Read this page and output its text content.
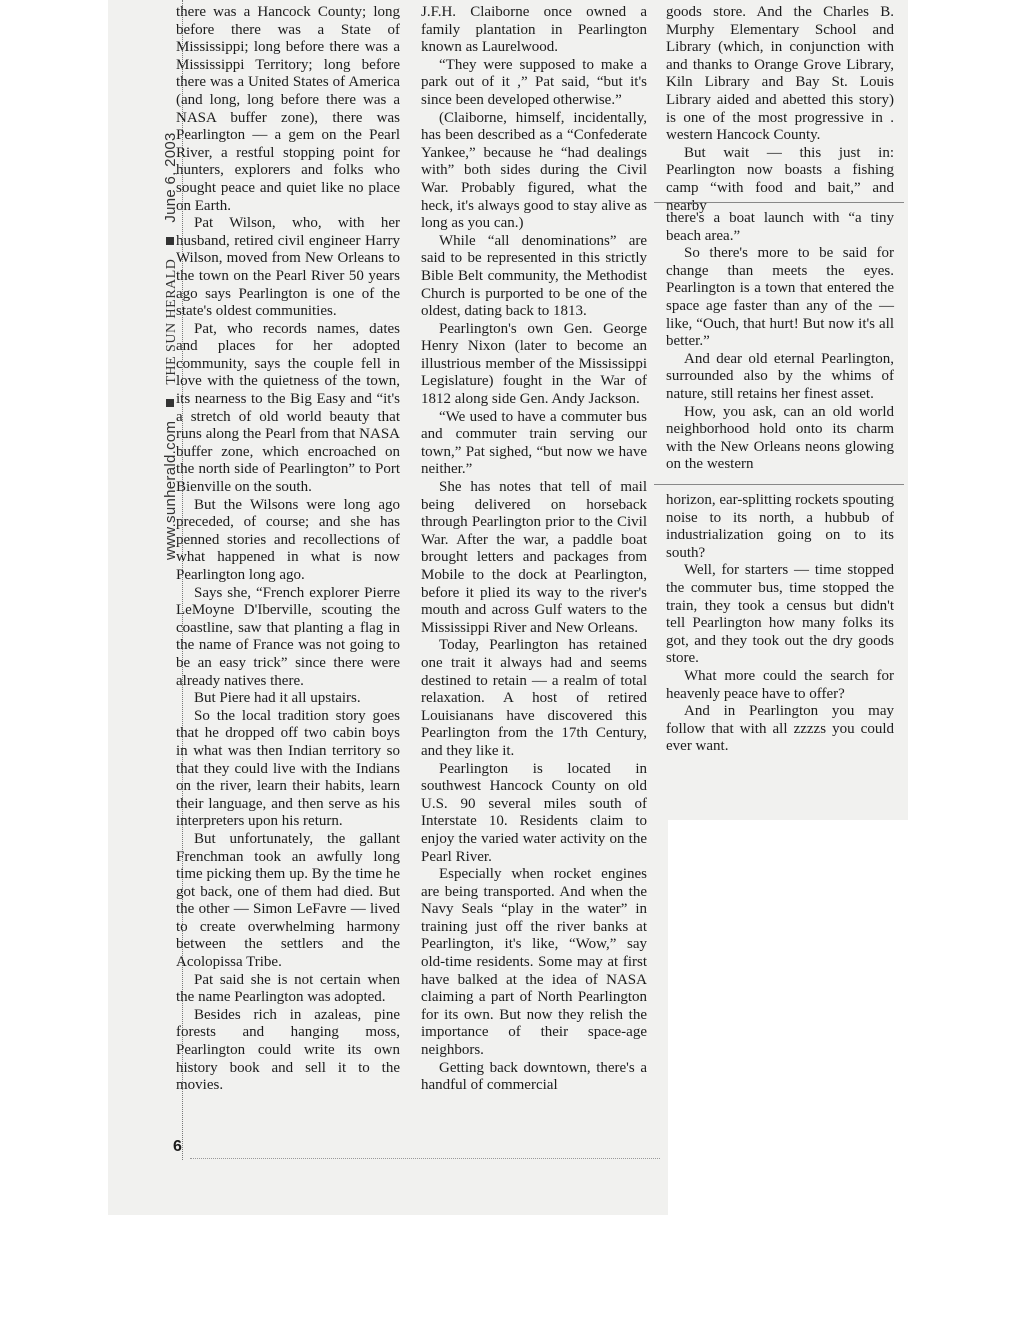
www.sunherald.comTHE SUN HERALDJune 6, 2003

there was a Hancock County; long before there was a State of Mississippi; long before there was a Mississippi Territory; long before there was a United States of America (and long, long before there was a NASA buffer zone), there was Pearlington — a gem on the Pearl River, a restful stopping point for hunters, explorers and folks who sought peace and quiet like no place on Earth.

Pat Wilson, who, with her husband, retired civil engineer Harry Wilson, moved from New Orleans to the town on the Pearl River 50 years ago says Pearlington is one of the state's oldest communities.

Pat, who records names, dates and places for her adopted community, says the couple fell in love with the quietness of the town, its nearness to the Big Easy and “it's a stretch of old world beauty that runs along the Pearl from that NASA buffer zone, which encroached on the north side of Pearlington” to Port Bienville on the south.

But the Wilsons were long ago preceded, of course; and she has penned stories and recollections of what happened in what is now Pearlington long ago.

Says she, “French explorer Pierre LeMoyne D'Iberville, scouting the coastline, saw that planting a flag in the name of France was not going to be an easy trick” since there were already natives there.

But Piere had it all upstairs.

So the local tradition story goes that he dropped off two cabin boys in what was then Indian territory so that they could live with the Indians on the river, learn their habits, learn their language, and then serve as his interpreters upon his return.

But unfortunately, the gallant Frenchman took an awfully long time picking them up. By the time he got back, one of them had died. But the other — Simon LeFavre — lived to create overwhelming harmony between the settlers and the Acolopissa Tribe.

Pat said she is not certain when the name Pearlington was adopted.

Besides rich in azaleas, pine forests and hanging moss, Pearlington could write its own history book and sell it to the movies.

J.F.H. Claiborne once owned a family plantation in Pearlington known as Laurelwood.

“They were supposed to make a park out of it ,” Pat said, “but it's since been developed otherwise.”

(Claiborne, himself, incidentally, has been described as a “Confederate Yankee,” because he “had dealings with” both sides during the Civil War. Probably figured, what the heck, it's always good to stay alive as long as you can.)

While “all denominations” are said to be represented in this strictly Bible Belt community, the Methodist Church is purported to be one of the oldest, dating back to 1813.

Pearlington's own Gen. George Henry Nixon (later to become an illustrious member of the Mississippi Legislature) fought in the War of 1812 along side Gen. Andy Jackson.

“We used to have a commuter bus and commuter train serving our town,” Pat sighed, “but now we have neither.”

She has notes that tell of mail being delivered on horseback through Pearlington prior to the Civil War. After the war, a paddle boat brought letters and packages from Mobile to the dock at Pearlington, before it plied its way to the river's mouth and across Gulf waters to the Mississippi River and New Orleans.

Today, Pearlington has retained one trait it always had and seems destined to retain — a realm of total relaxation. A host of retired Louisianans have discovered this Pearlington from the 17th Century, and they like it.

Pearlington is located in southwest Hancock County on old U.S. 90 several miles south of Interstate 10. Residents claim to enjoy the varied water activity on the Pearl River.

Especially when rocket engines are being transported. And when the Navy Seals “play in the water” in training just off the river banks at Pearlington, it's like, “Wow,” say old-time residents. Some may at first have balked at the idea of NASA claiming a part of North Pearlington for its own. But now they relish the importance of their space-age neighbors.

Getting back downtown, there's a handful of commercial

goods store. And the Charles B. Murphy Elementary School and Library (which, in conjunction with and thanks to Orange Grove Library, Kiln Library and Bay St. Louis Library aided and abetted this story) is one of the most progressive in . western Hancock County.

But wait — this just in: Pearlington now boasts a fishing camp “with food and bait,” and nearby

there's a boat launch with “a tiny beach area.”

So there's more to be said for change than meets the eyes. Pearlington is a town that entered the space age faster than any of the — like, “Ouch, that hurt! But now it's all better.”

And dear old eternal Pearlington, surrounded also by the whims of nature, still retains her finest asset.

How, you ask, can an old world neighborhood hold onto its charm with the New Orleans neons glowing on the western

horizon, ear-splitting rockets spouting noise to its north, a hubbub of industrialization going on to its south?

Well, for starters — time stopped the commuter bus, time stopped the train, they took a census but didn't tell Pearlington how many folks its got, and they took out the dry goods store.

What more could the search for heavenly peace have to offer?

And in Pearlington you may follow that with all zzzzs you could ever want.

6
